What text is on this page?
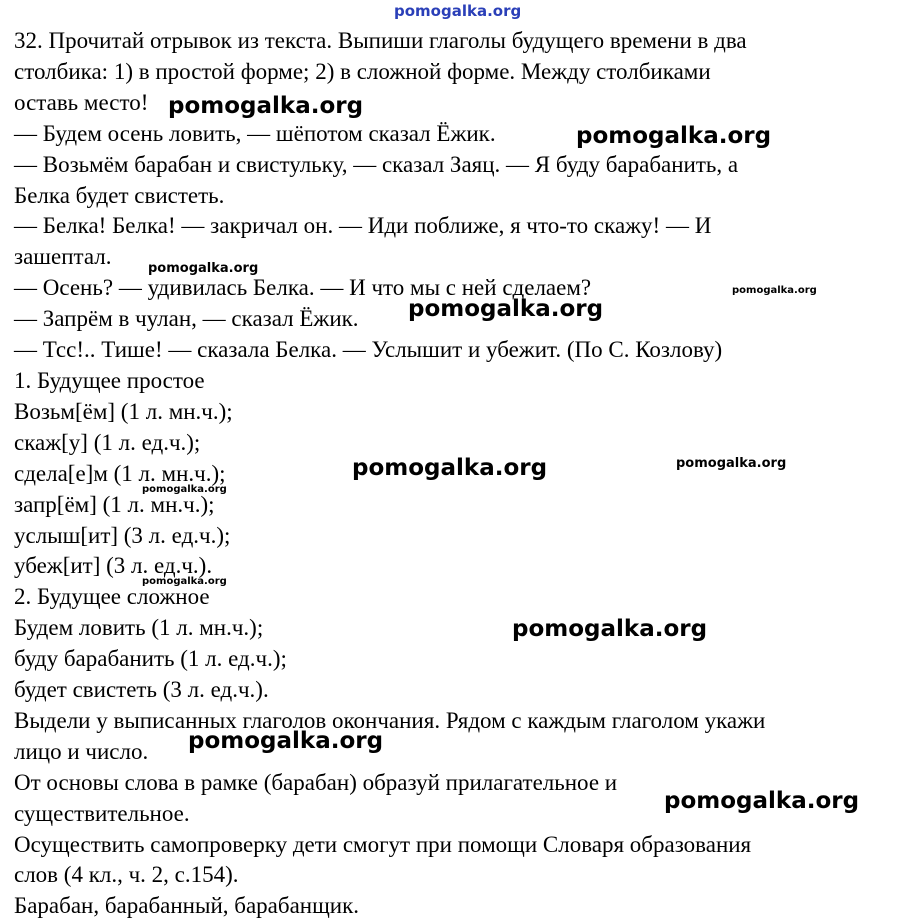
pomogalka.org
32. Прочитай отрывок из текста. Выпиши глаголы будущего времени в два
столбика: 1) в простой форме; 2) в сложной форме. Между столбиками
оставь место!
— Будем осень ловить, — шёпотом сказал Ёжик.
— Возьмём барабан и свистульку, — сказал Заяц. — Я буду барабанить, а
Белка будет свистеть.
— Белка! Белка! — закричал он. — Иди поближе, я что-то скажу! — И
зашептал.
— Осень? — удивилась Белка. — И что мы с ней сделаем?
— Запрём в чулан, — сказал Ёжик.
— Тсс!.. Тише! — сказала Белка. — Услышит и убежит. (По С. Козлову)
1. Будущее простое
Возьм[ём] (1 л. мн.ч.);
скаж[у] (1 л. ед.ч.);
сдела[е]м (1 л. мн.ч.);
запр[ём] (1 л. мн.ч.);
услыш[ит] (3 л. ед.ч.);
убеж[ит] (3 л. ед.ч.).
2. Будущее сложное
Будем ловить (1 л. мн.ч.);
буду барабанить (1 л. ед.ч.);
будет свистеть (3 л. ед.ч.).
Выдели у выписанных глаголов окончания. Рядом с каждым глаголом укажи
лицо и число.
От основы слова в рамке (барабан) образуй прилагательное и
существительное.
Осуществить самопроверку дети смогут при помощи Словаря образования
слов (4 кл., ч. 2, с.154).
Барабан, барабанный, барабанщик.
pomogalka.org
pomogalka.org
pomogalka.org
pomogalka.org
pomogalka.org
pomogalka.org	pomogalka.org
pomogalka.org
pomogalka.org
pomogalka.org
pomogalka.org
pomogalka.org
